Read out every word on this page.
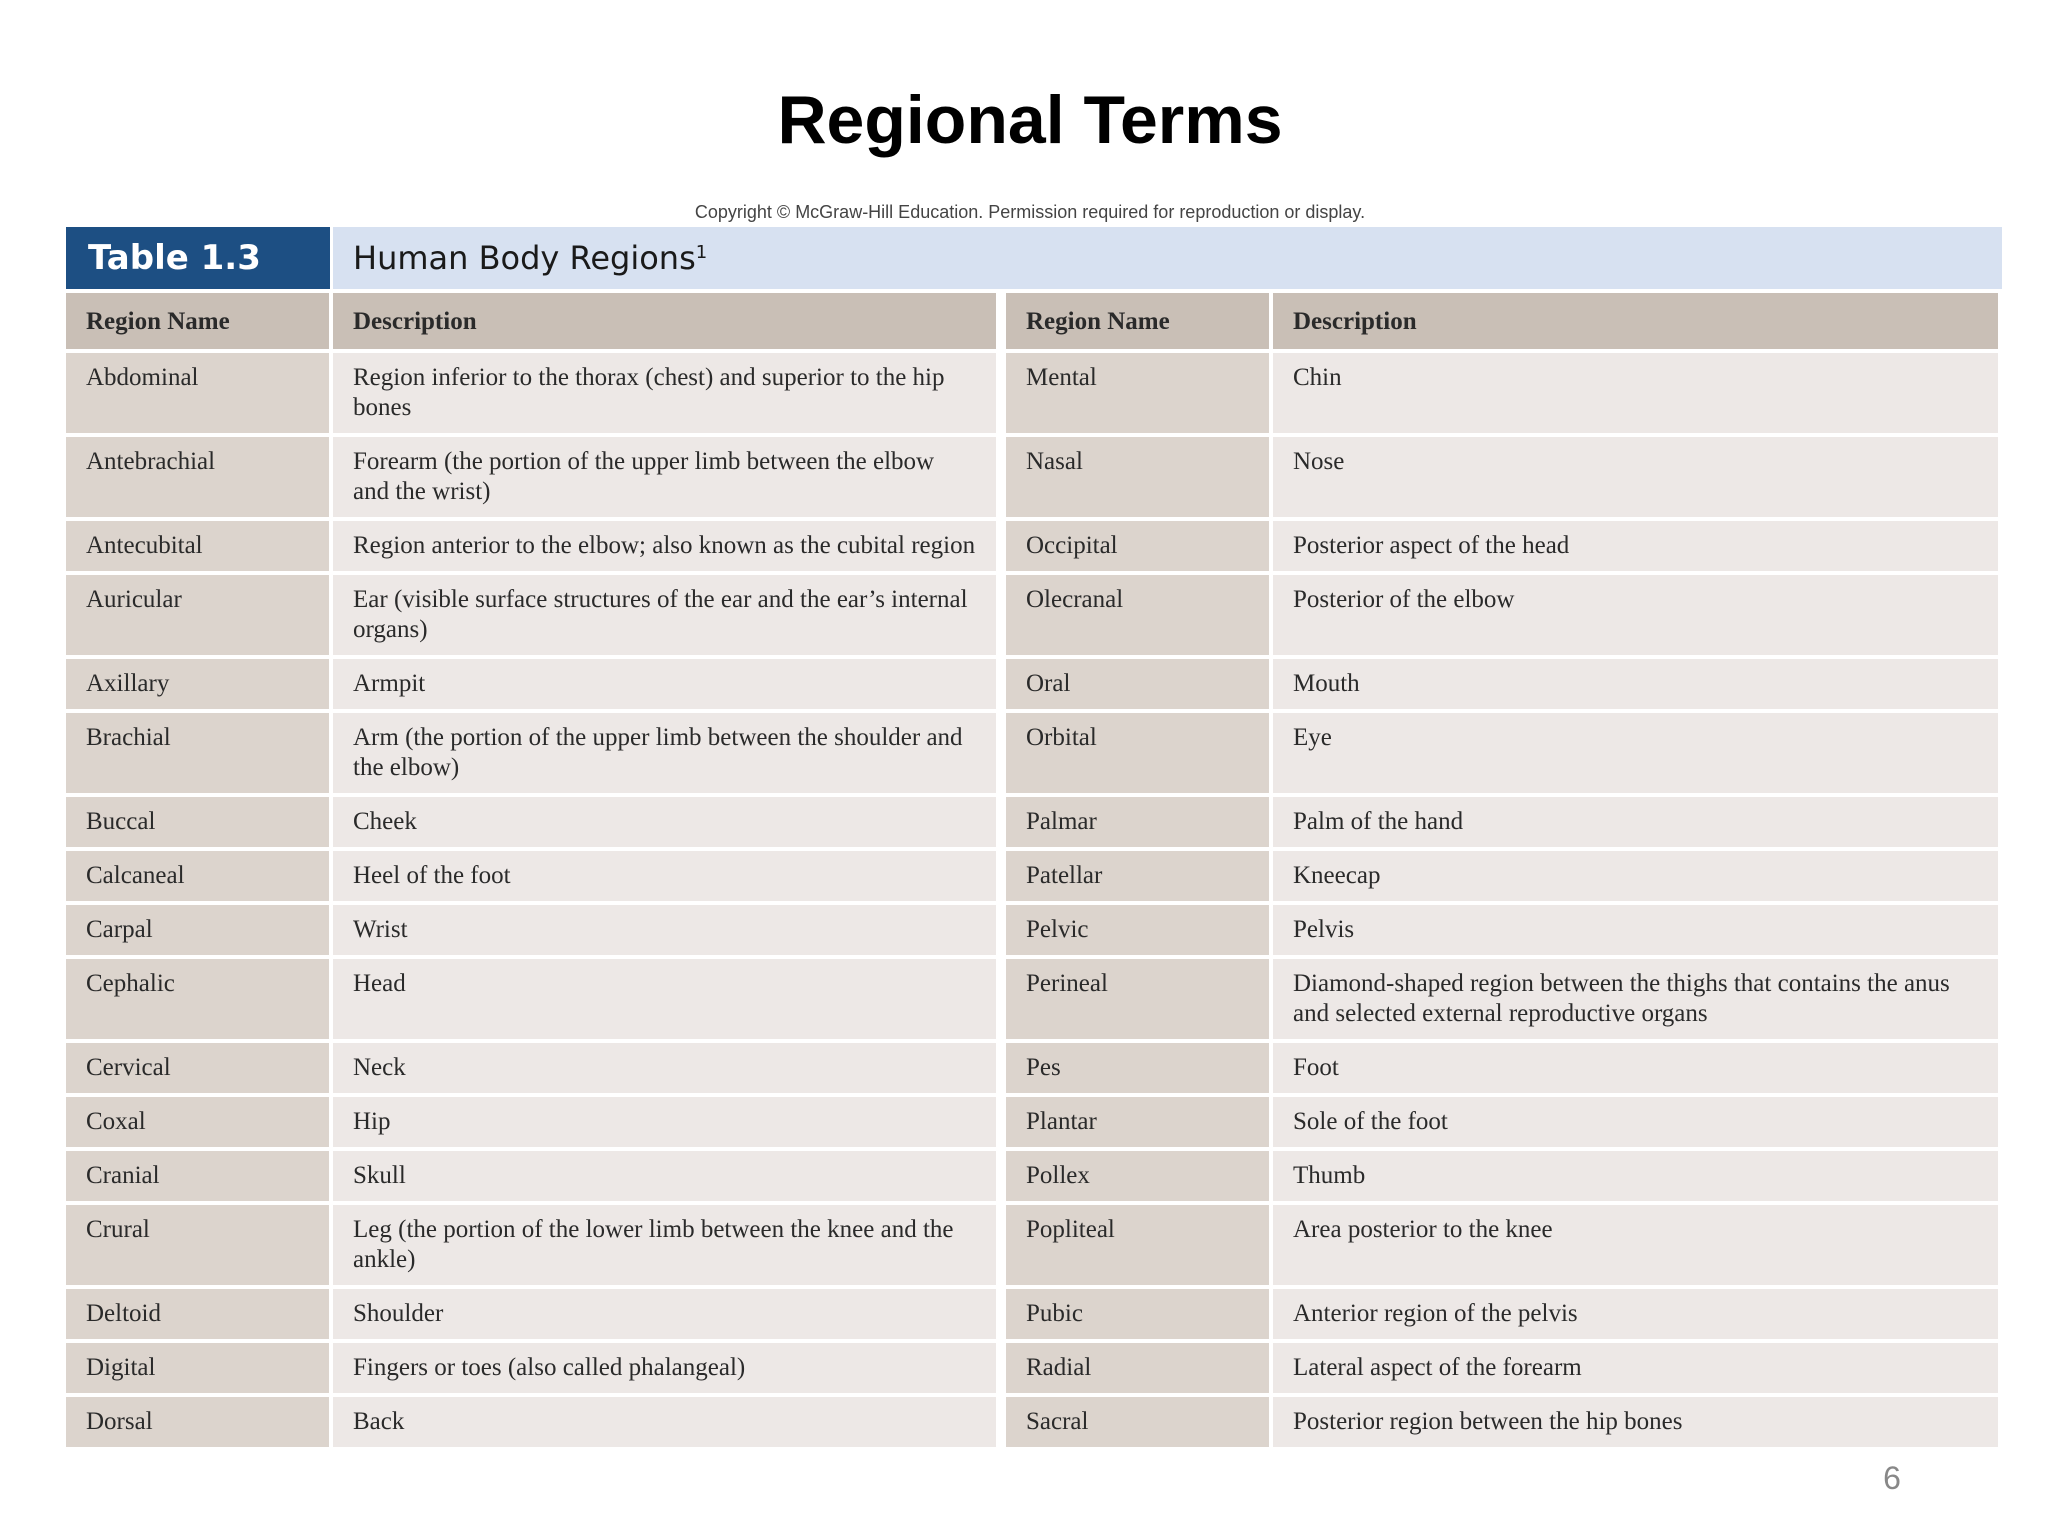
Regional Terms
Copyright © McGraw-Hill Education. Permission required for reproduction or display.
Table 1.3	Human Body Regions$^1$
Region Name	Description	Region Name	Description
Abdominal	Region inferior to the thorax (chest) and superior to the hip bones	Mental	Chin
Antebrachial	Forearm (the portion of the upper limb between the elbow and the wrist)	Nasal	Nose
Antecubital	Region anterior to the elbow; also known as the cubital region	Occipital	Posterior aspect of the head
Auricular	Ear (visible surface structures of the ear and the ear’s internal organs)	Olecranal	Posterior of the elbow
Axillary	Armpit	Oral	Mouth
Brachial	Arm (the portion of the upper limb between the shoulder and the elbow)	Orbital	Eye
Buccal	Cheek	Palmar	Palm of the hand
Calcaneal	Heel of the foot	Patellar	Kneecap
Carpal	Wrist	Pelvic	Pelvis
Cephalic	Head	Perineal	Diamond-shaped region between the thighs that contains the anus and selected external reproductive organs
Cervical	Neck	Pes	Foot
Coxal	Hip	Plantar	Sole of the foot
Cranial	Skull	Pollex	Thumb
Crural	Leg (the portion of the lower limb between the knee and the ankle)	Popliteal	Area posterior to the knee
Deltoid	Shoulder	Pubic	Anterior region of the pelvis
Digital	Fingers or toes (also called phalangeal)	Radial	Lateral aspect of the forearm
Dorsal	Back	Sacral	Posterior region between the hip bones
6
